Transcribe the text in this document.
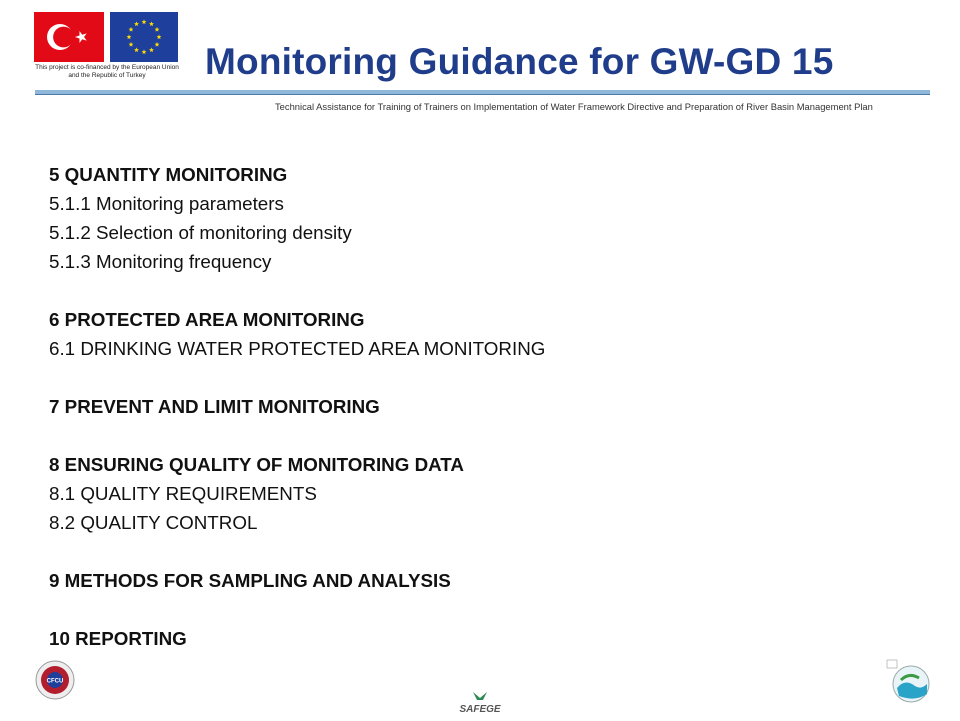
This project is co-financed by the European Union and the Republic of Turkey	Monitoring Guidance for GW-GD 15
Technical Assistance for Training of Trainers on Implementation of Water Framework Directive and Preparation of River Basin Management Plan
5 QUANTITY MONITORING
5.1.1 Monitoring parameters
5.1.2 Selection of monitoring density
5.1.3 Monitoring frequency
6 PROTECTED AREA MONITORING
6.1 DRINKING WATER PROTECTED AREA MONITORING
7 PREVENT AND LIMIT MONITORING
8 ENSURING QUALITY OF MONITORING DATA
8.1 QUALITY REQUIREMENTS
8.2 QUALITY CONTROL
9 METHODS FOR SAMPLING AND ANALYSIS
10 REPORTING
CFCU
SAFEGE
